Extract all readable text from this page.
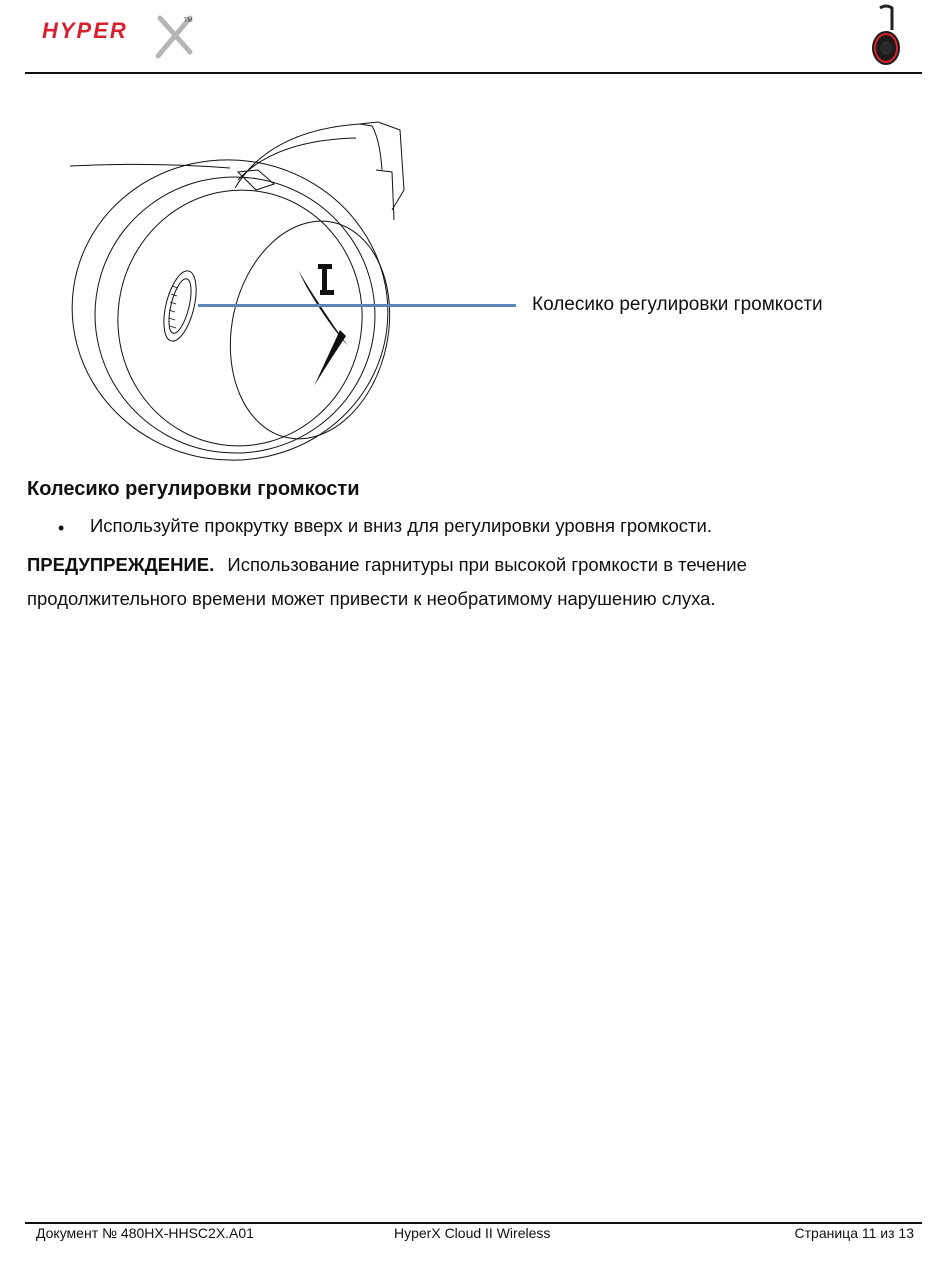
HYPER	TM
Колесико регулировки громкости
Колесико регулировки громкости
• Используйте прокрутку вверх и вниз для регулировки уровня громкости.
ПРЕДУПРЕЖДЕНИЕ. Использование гарнитуры при высокой громкости в течение продолжительного времени может привести к необратимому нарушению слуха.
Документ № 480HX-HHSC2X.A01	HyperX Cloud II Wireless	Страница 11 из 13
